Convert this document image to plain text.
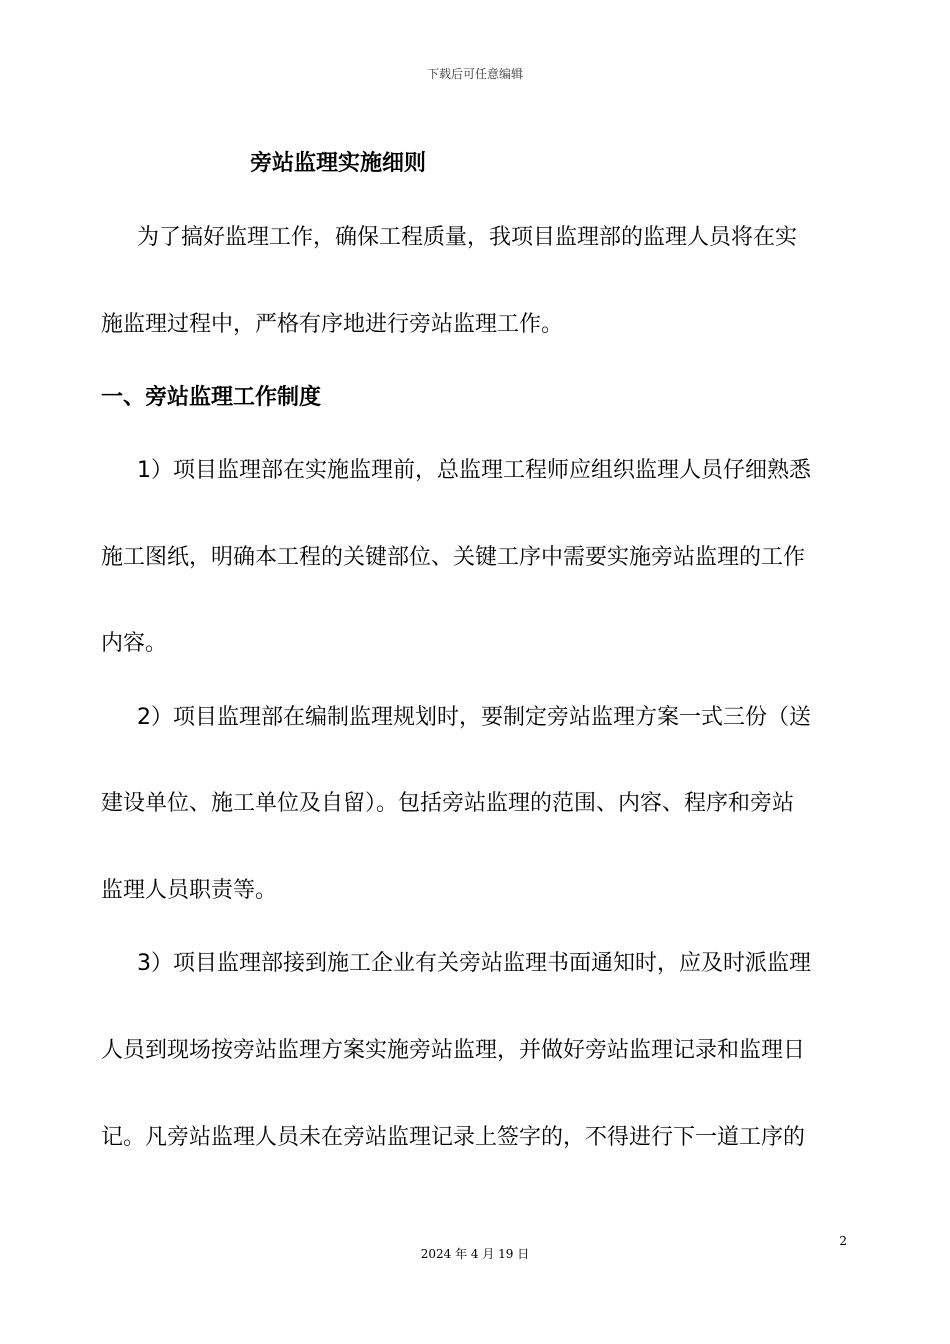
下载后可任意编辑
旁站监理实施细则
为了搞好监理工作，确保工程质量，我项目监理部的监理人员将在实
施监理过程中，严格有序地进行旁站监理工作。
一、旁站监理工作制度
1）项目监理部在实施监理前，总监理工程师应组织监理人员仔细熟悉
施工图纸，明确本工程的关键部位、关键工序中需要实施旁站监理的工作
内容。
2）项目监理部在编制监理规划时，要制定旁站监理方案一式三份（送
建设单位、施工单位及自留）。包括旁站监理的范围、内容、程序和旁站
监理人员职责等。
3）项目监理部接到施工企业有关旁站监理书面通知时，应及时派监理
人员到现场按旁站监理方案实施旁站监理，并做好旁站监理记录和监理日
记。凡旁站监理人员未在旁站监理记录上签字的，不得进行下一道工序的
2
2024 年 4 月 19 日
